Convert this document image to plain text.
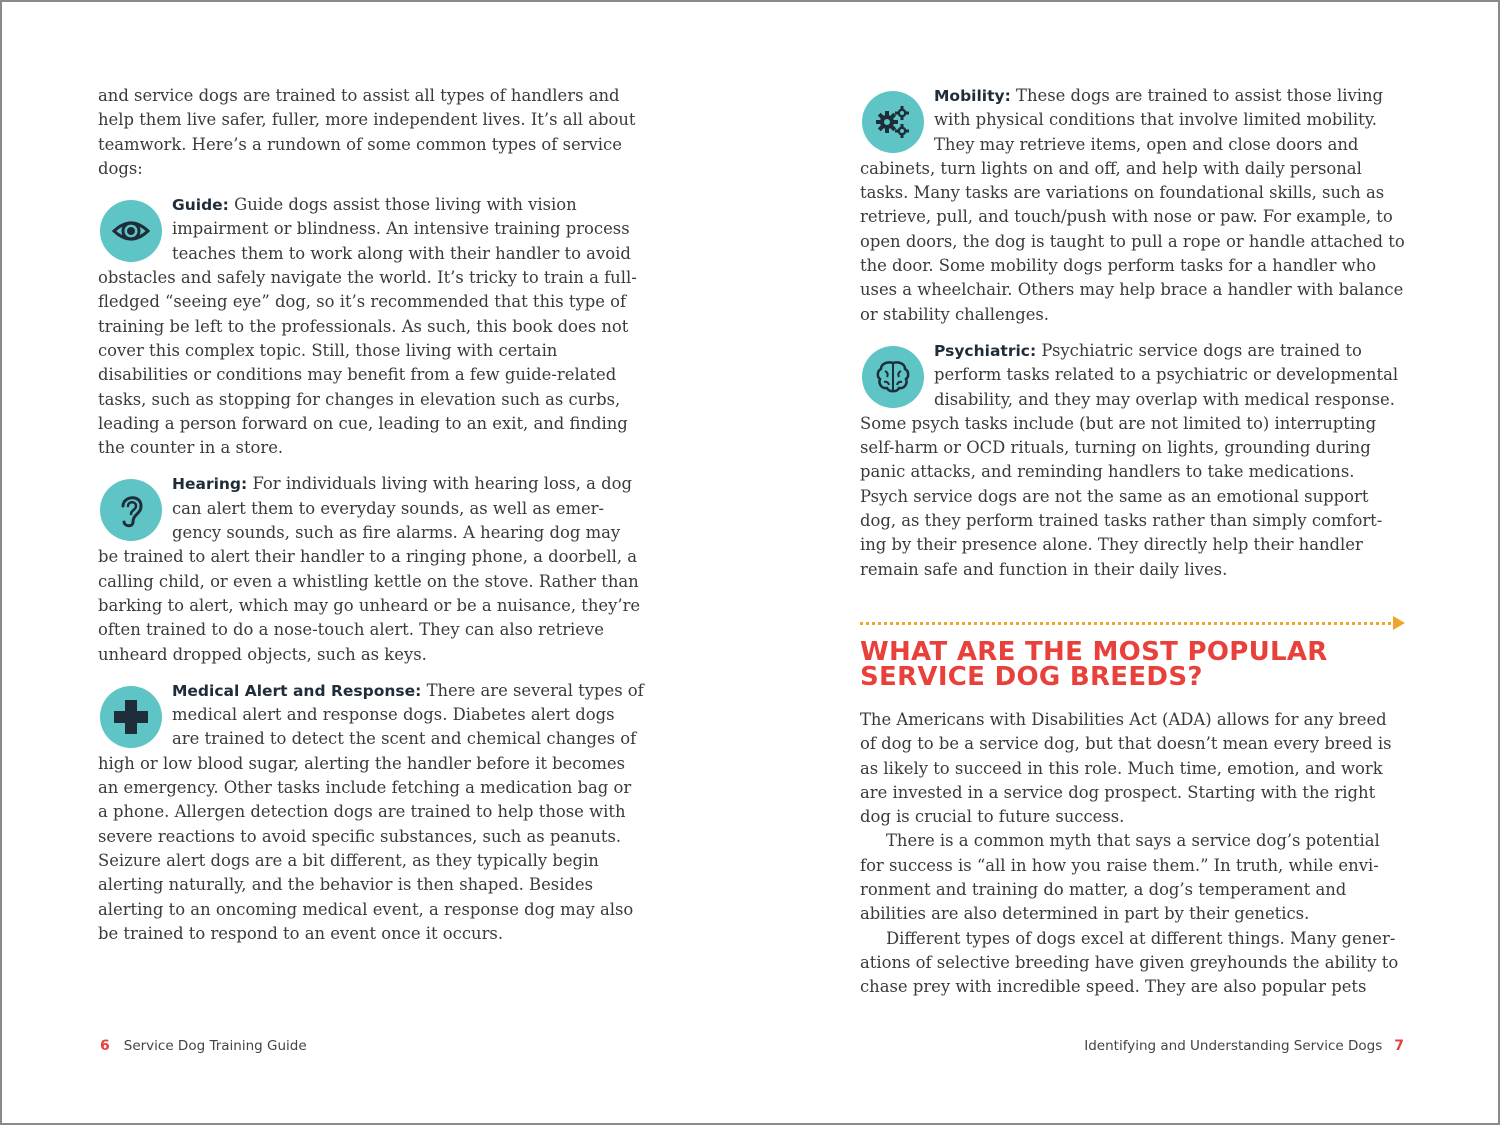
and service dogs are trained to assist all types of handlers and help them live safer, fuller, more independent lives. It’s all about teamwork. Here’s a rundown of some common types of service dogs:

Guide: Guide dogs assist those living with vision impairment or blindness. An intensive training process teaches them to work along with their handler to avoid obstacles and safely navigate the world. It’s tricky to train a full-fledged “seeing eye” dog, so it’s recommended that this type of training be left to the professionals. As such, this book does not cover this complex topic. Still, those living with certain disabilities or conditions may benefit from a few guide-related tasks, such as stopping for changes in elevation such as curbs, leading a person forward on cue, leading to an exit, and finding the counter in a store.

Hearing: For individuals living with hearing loss, a dog can alert them to everyday sounds, as well as emer-gency sounds, such as fire alarms. A hearing dog may be trained to alert their handler to a ringing phone, a doorbell, a calling child, or even a whistling kettle on the stove. Rather than barking to alert, which may go unheard or be a nuisance, they’re often trained to do a nose-touch alert. They can also retrieve unheard dropped objects, such as keys.

Medical Alert and Response: There are several types of medical alert and response dogs. Diabetes alert dogs are trained to detect the scent and chemical changes of high or low blood sugar, alerting the handler before it becomes an emergency. Other tasks include fetching a medication bag or a phone. Allergen detection dogs are trained to help those with severe reactions to avoid specific substances, such as peanuts. Seizure alert dogs are a bit different, as they typically begin alerting naturally, and the behavior is then shaped. Besides alerting to an oncoming medical event, a response dog may also be trained to respond to an event once it occurs.

6 Service Dog Training Guide

Mobility: These dogs are trained to assist those living with physical conditions that involve limited mobility. They may retrieve items, open and close doors and cabinets, turn lights on and off, and help with daily personal tasks. Many tasks are variations on foundational skills, such as retrieve, pull, and touch/push with nose or paw. For example, to open doors, the dog is taught to pull a rope or handle attached to the door. Some mobility dogs perform tasks for a handler who uses a wheelchair. Others may help brace a handler with balance or stability challenges.

Psychiatric: Psychiatric service dogs are trained to perform tasks related to a psychiatric or developmental disability, and they may overlap with medical response. Some psych tasks include (but are not limited to) interrupting self-harm or OCD rituals, turning on lights, grounding during panic attacks, and reminding handlers to take medications. Psych service dogs are not the same as an emotional support dog, as they perform trained tasks rather than simply comfort-ing by their presence alone. They directly help their handler remain safe and function in their daily lives.

WHAT ARE THE MOST POPULAR SERVICE DOG BREEDS?

The Americans with Disabilities Act (ADA) allows for any breed of dog to be a service dog, but that doesn’t mean every breed is as likely to succeed in this role. Much time, emotion, and work are invested in a service dog prospect. Starting with the right dog is crucial to future success.

There is a common myth that says a service dog’s potential for success is “all in how you raise them.” In truth, while envi-ronment and training do matter, a dog’s temperament and abilities are also determined in part by their genetics.

Different types of dogs excel at different things. Many gener-ations of selective breeding have given greyhounds the ability to chase prey with incredible speed. They are also popular pets

Identifying and Understanding Service Dogs 7
